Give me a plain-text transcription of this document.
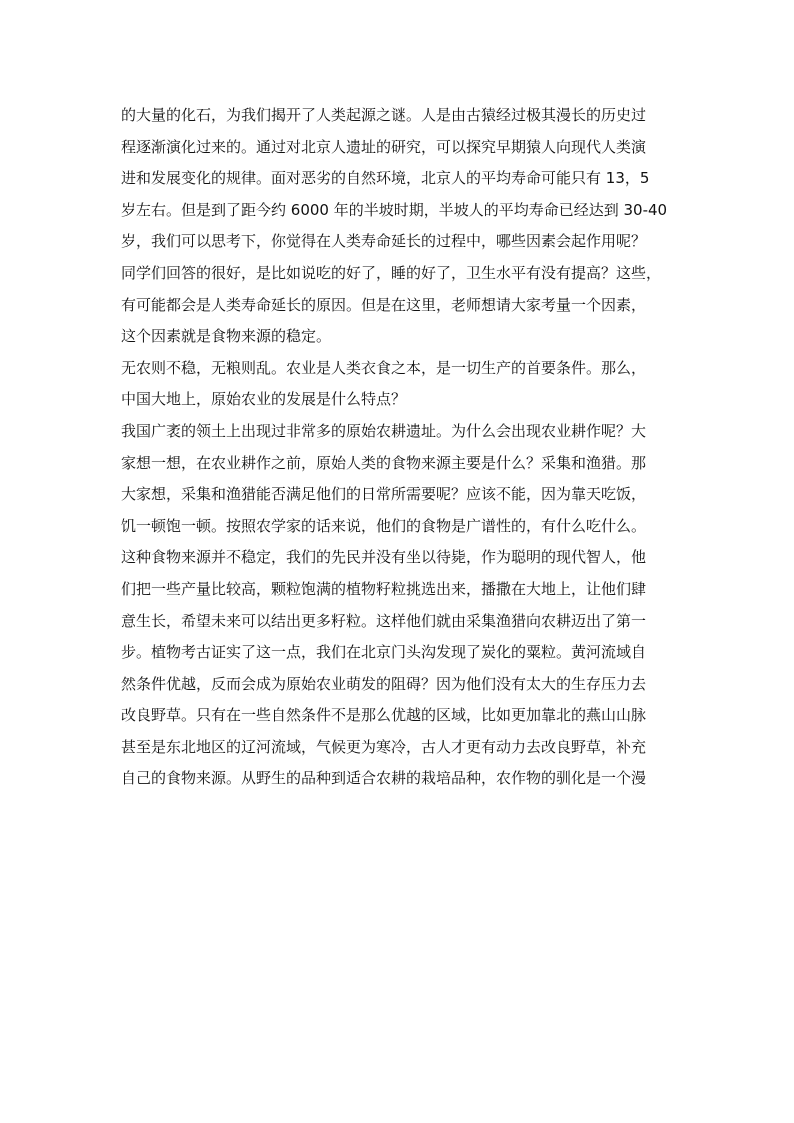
的大量的化石，为我们揭开了人类起源之谜。人是由古猿经过极其漫长的历史过
程逐渐演化过来的。通过对北京人遗址的研究，可以探究早期猿人向现代人类演
进和发展变化的规律。面对恶劣的自然环境，北京人的平均寿命可能只有 13，5
岁左右。但是到了距今约 6000 年的半坡时期，半坡人的平均寿命已经达到 30-40
岁，我们可以思考下，你觉得在人类寿命延长的过程中，哪些因素会起作用呢？
同学们回答的很好，是比如说吃的好了，睡的好了，卫生水平有没有提高？这些，
有可能都会是人类寿命延长的原因。但是在这里，老师想请大家考量一个因素，
这个因素就是食物来源的稳定。
无农则不稳，无粮则乱。农业是人类衣食之本，是一切生产的首要条件。那么，
中国大地上，原始农业的发展是什么特点？
我国广袤的领土上出现过非常多的原始农耕遗址。为什么会出现农业耕作呢？大
家想一想，在农业耕作之前，原始人类的食物来源主要是什么？采集和渔猎。那
大家想，采集和渔猎能否满足他们的日常所需要呢？应该不能，因为靠天吃饭，
饥一顿饱一顿。按照农学家的话来说，他们的食物是广谱性的，有什么吃什么。
这种食物来源并不稳定，我们的先民并没有坐以待毙，作为聪明的现代智人，他
们把一些产量比较高，颗粒饱满的植物籽粒挑选出来，播撒在大地上，让他们肆
意生长，希望未来可以结出更多籽粒。这样他们就由采集渔猎向农耕迈出了第一
步。植物考古证实了这一点，我们在北京门头沟发现了炭化的粟粒。黄河流域自
然条件优越，反而会成为原始农业萌发的阻碍？因为他们没有太大的生存压力去
改良野草。只有在一些自然条件不是那么优越的区域，比如更加靠北的燕山山脉
甚至是东北地区的辽河流域，气候更为寒冷，古人才更有动力去改良野草，补充
自己的食物来源。从野生的品种到适合农耕的栽培品种，农作物的驯化是一个漫
